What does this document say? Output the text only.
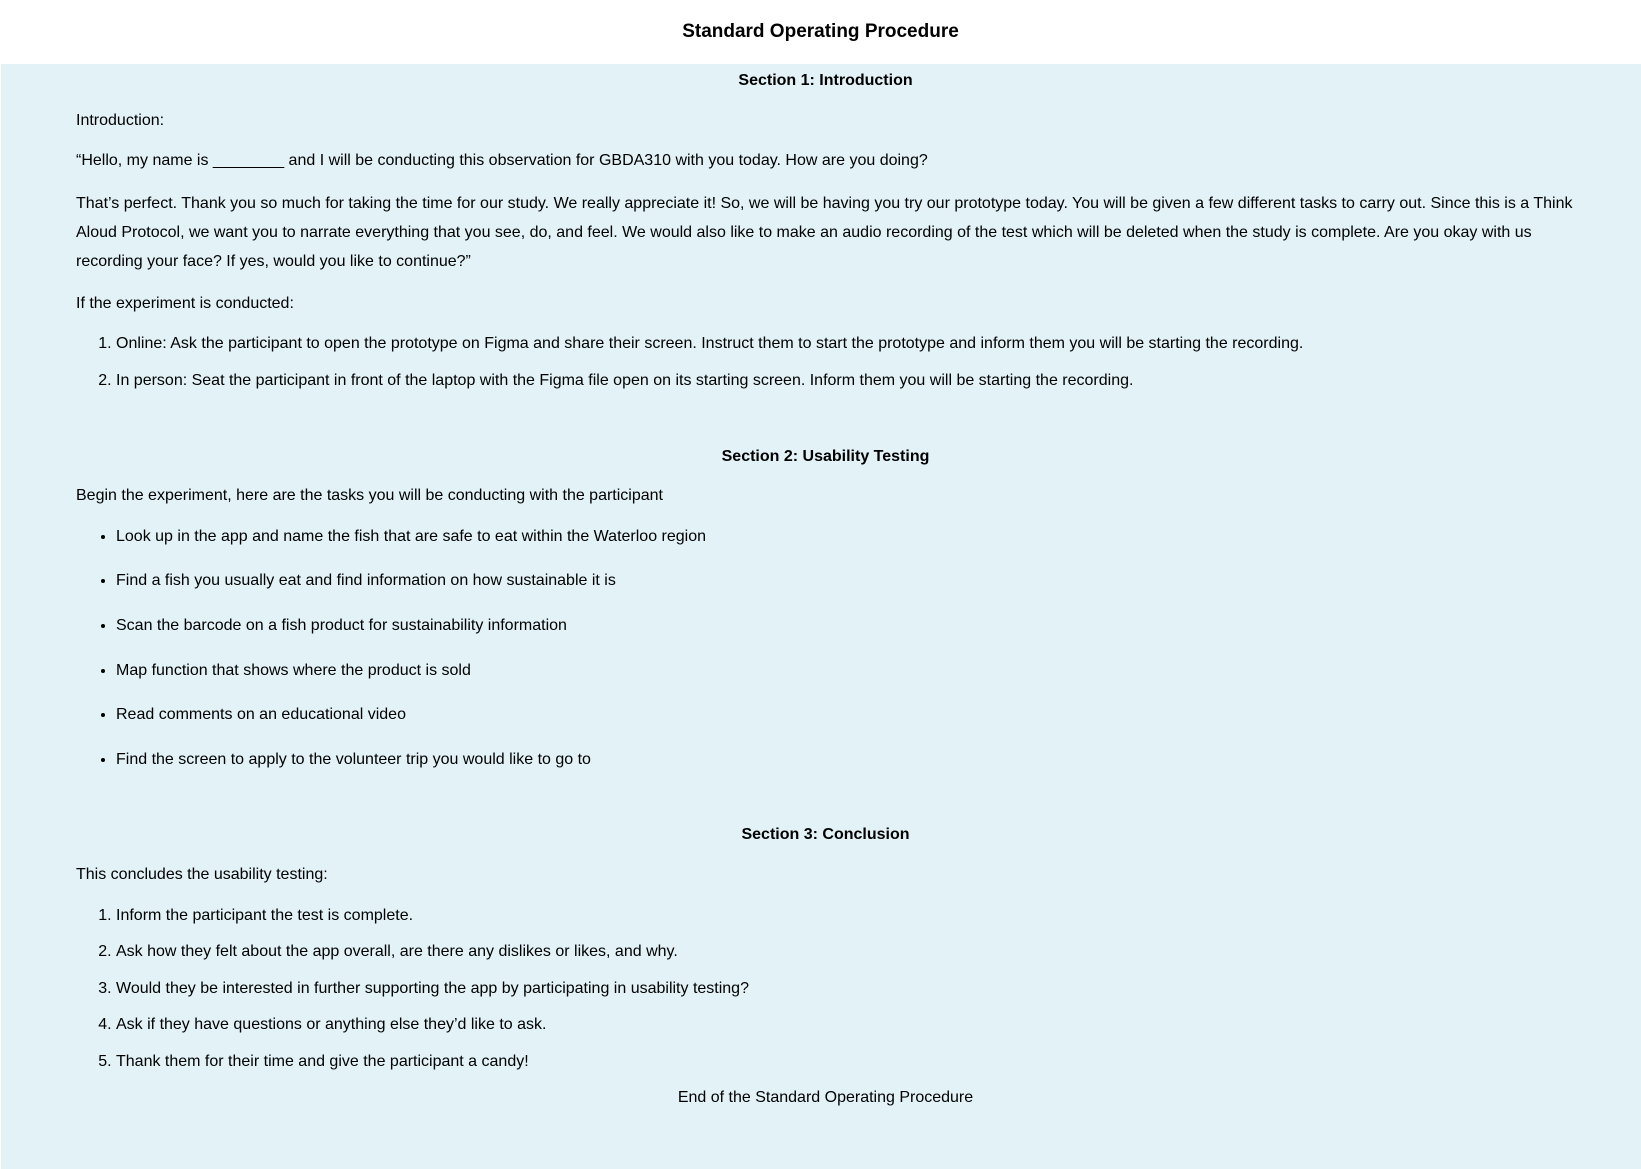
Standard Operating Procedure
Section 1: Introduction

Introduction:

“Hello, my name is ________ and I will be conducting this observation for GBDA310 with you today. How are you doing?

That’s perfect. Thank you so much for taking the time for our study. We really appreciate it! So, we will be having you try our prototype today. You will be given a few different tasks to carry out. Since this is a Think Aloud Protocol, we want you to narrate everything that you see, do, and feel. We would also like to make an audio recording of the test which will be deleted when the study is complete. Are you okay with us recording your face? If yes, would you like to continue?”

If the experiment is conducted:

1. Online: Ask the participant to open the prototype on Figma and share their screen. Instruct them to start the prototype and inform them you will be starting the recording.
2. In person: Seat the participant in front of the laptop with the Figma file open on its starting screen. Inform them you will be starting the recording.
Section 2: Usability Testing

Begin the experiment, here are the tasks you will be conducting with the participant

• Look up in the app and name the fish that are safe to eat within the Waterloo region
• Find a fish you usually eat and find information on how sustainable it is
• Scan the barcode on a fish product for sustainability information
• Map function that shows where the product is sold
• Read comments on an educational video
• Find the screen to apply to the volunteer trip you would like to go to
Section 3: Conclusion

This concludes the usability testing:

1. Inform the participant the test is complete.
2. Ask how they felt about the app overall, are there any dislikes or likes, and why.
3. Would they be interested in further supporting the app by participating in usability testing?
4. Ask if they have questions or anything else they’d like to ask.
5. Thank them for their time and give the participant a candy!

End of the Standard Operating Procedure
